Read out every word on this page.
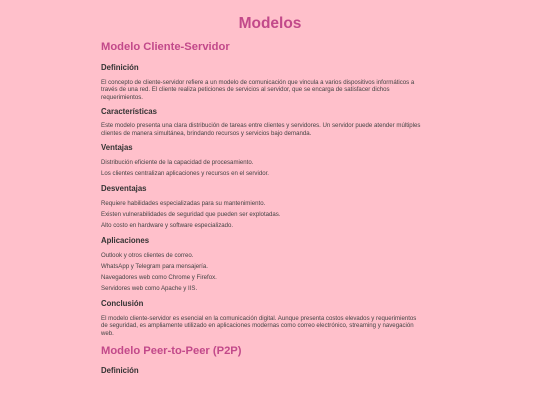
Modelos
Modelo Cliente-Servidor
Definición

El concepto de cliente-servidor refiere a un modelo de comunicación que vincula a varios dispositivos informáticos a través de una red. El cliente realiza peticiones de servicios al servidor, que se encarga de satisfacer dichos requerimientos.

Características

Este modelo presenta una clara distribución de tareas entre clientes y servidores. Un servidor puede atender múltiples clientes de manera simultánea, brindando recursos y servicios bajo demanda.

Ventajas

Distribución eficiente de la capacidad de procesamiento.

Los clientes centralizan aplicaciones y recursos en el servidor.

Desventajas

Requiere habilidades especializadas para su mantenimiento.

Existen vulnerabilidades de seguridad que pueden ser explotadas.

Alto costo en hardware y software especializado.

Aplicaciones

Outlook y otros clientes de correo.

WhatsApp y Telegram para mensajería.

Navegadores web como Chrome y Firefox.

Servidores web como Apache y IIS.

Conclusión

El modelo cliente-servidor es esencial en la comunicación digital. Aunque presenta costos elevados y requerimientos de seguridad, es ampliamente utilizado en aplicaciones modernas como correo electrónico, streaming y navegación web.

Modelo Peer-to-Peer (P2P)
Definición
